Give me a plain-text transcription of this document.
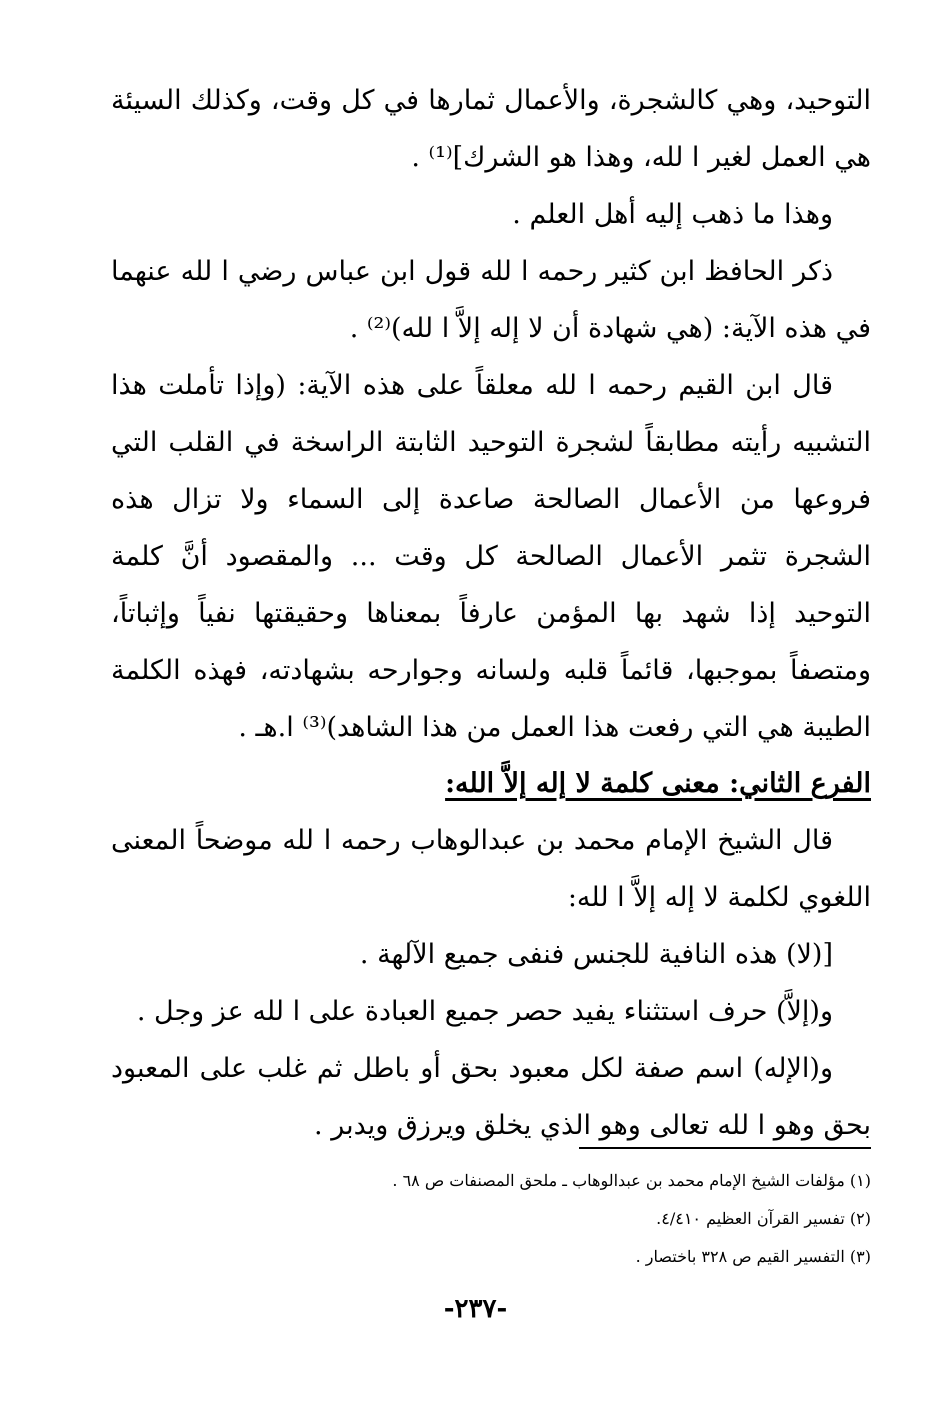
التوحيد، وهي كالشجرة، والأعمال ثمارها في كل وقت، وكذلك السيئة هي العمل لغير ا لله، وهذا هو الشرك]⁽¹⁾ .

وهذا ما ذهب إليه أهل العلم .

ذكر الحافظ ابن كثير رحمه ا لله قول ابن عباس رضي ا لله عنهما في هذه الآية: (هي شهادة أن لا إله إلاَّ ا لله)⁽²⁾ .

قال ابن القيم رحمه ا لله معلقاً على هذه الآية: (وإذا تأملت هذا التشبيه رأيته مطابقاً لشجرة التوحيد الثابتة الراسخة في القلب التي فروعها من الأعمال الصالحة صاعدة إلى السماء ولا تزال هذه الشجرة تثمر الأعمال الصالحة كل وقت ... والمقصود أنَّ كلمة التوحيد إذا شهد بها المؤمن عارفاً بمعناها وحقيقتها نفياً وإثباتاً، ومتصفاً بموجبها، قائماً قلبه ولسانه وجوارحه بشهادته، فهذه الكلمة الطيبة هي التي رفعت هذا العمل من هذا الشاهد)⁽³⁾ ا.هـ .

الفرع الثاني: معنى كلمة لا إله إلاَّ الله:

قال الشيخ الإمام محمد بن عبدالوهاب رحمه ا لله موضحاً المعنى اللغوي لكلمة لا إله إلاَّ ا لله:

[(لا) هذه النافية للجنس فنفى جميع الآلهة .

و(إلاَّ) حرف استثناء يفيد حصر جميع العبادة على ا لله عز وجل .

و(الإله) اسم صفة لكل معبود بحق أو باطل ثم غلب على المعبود بحق وهو ا لله تعالى وهو الذي يخلق ويرزق ويدبر .

(١) مؤلفات الشيخ الإمام محمد بن عبدالوهاب ـ ملحق المصنفات ص ٦٨ .
(٢) تفسير القرآن العظيم ٤/٤١٠.
(٣) التفسير القيم ص ٣٢٨ باختصار .
-٢٣٧-
